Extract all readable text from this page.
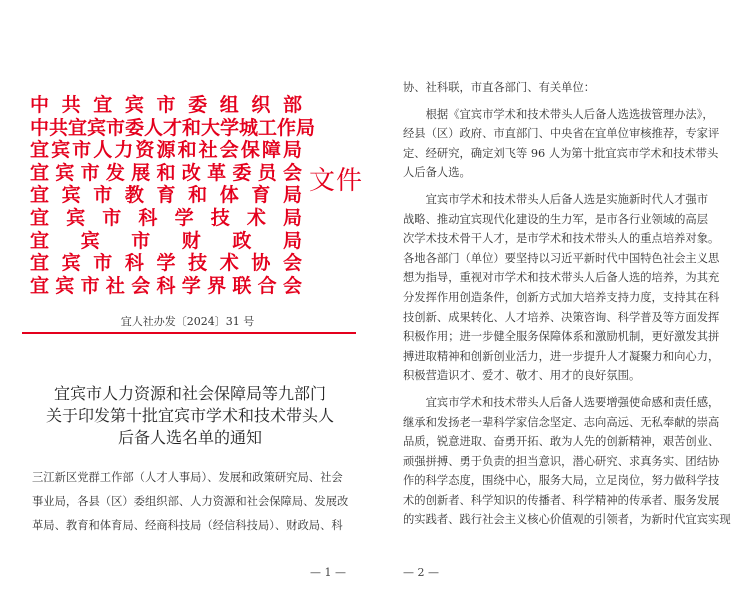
中 共 宜 宾 市 委 组 织 部
中共宜宾市委人才和大学城工作局
宜宾市人力资源和社会保障局
宜宾市发展和改革委员会
宜 宾 市 教 育 和 体 育 局
宜 宾 市 科 学 技 术 局
宜 宾 市 财 政 局
宜 宾 市 科 学 技 术 协 会
宜宾市社会科学界联合会
文件
宜人社办发〔2024〕31 号
宜宾市人力资源和社会保障局等九部门
关于印发第十批宜宾市学术和技术带头人
后备人选名单的通知
三江新区党群工作部（人才人事局）、发展和政策研究局、社会
事业局，各县（区）委组织部、人力资源和社会保障局、发展改
革局、教育和体育局、经商科技局（经信科技局）、财政局、科
— 1 —
协、社科联，市直各部门、有关单位：
　　根据《宜宾市学术和技术带头人后备人选选拔管理办法》，
经县（区）政府、市直部门、中央省在宜单位审核推荐，专家评
定、经研究，确定刘飞等 96 人为第十批宜宾市学术和技术带头
人后备人选。
　　宜宾市学术和技术带头人后备人选是实施新时代人才强市
战略、推动宜宾现代化建设的生力军，是市各行业领域的高层
次学术技术骨干人才，是市学术和技术带头人的重点培养对象。
各地各部门（单位）要坚持以习近平新时代中国特色社会主义思
想为指导，重视对市学术和技术带头人后备人选的培养，为其充
分发挥作用创造条件，创新方式加大培养支持力度，支持其在科
技创新、成果转化、人才培养、决策咨询、科学普及等方面发挥
积极作用；进一步健全服务保障体系和激励机制，更好激发其拼
搏进取精神和创新创业活力，进一步提升人才凝聚力和向心力，
积极营造识才、爱才、敬才、用才的良好氛围。
　　宜宾市学术和技术带头人后备人选要增强使命感和责任感，
继承和发扬老一辈科学家信念坚定、志向高远、无私奉献的崇高
品质，锐意进取、奋勇开拓、敢为人先的创新精神，艰苦创业、
顽强拼搏、勇于负责的担当意识，潜心研究、求真务实、团结协
作的科学态度，围绕中心，服务大局，立足岗位，努力做科学技
术的创新者、科学知识的传播者、科学精神的传承者、服务发展
的实践者、践行社会主义核心价值观的引领者，为新时代宜宾实现
— 2 —
